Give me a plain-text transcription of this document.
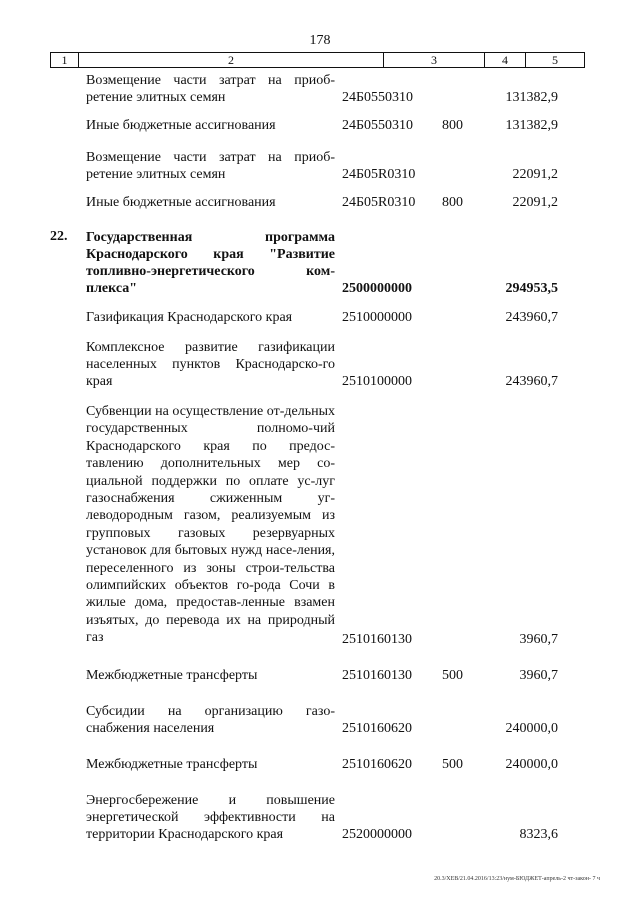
178
1	2	3	4	5
Возмещение части затрат на приоб-ретение элитных семян	24Б0550310	131382,9
Иные бюджетные ассигнования	24Б0550310 800	131382,9
Возмещение части затрат на приоб-ретение элитных семян	24Б05R0310	22091,2
Иные бюджетные ассигнования	24Б05R0310 800	22091,2
22.	Государственная программа Краснодарского края "Развитие топливно-энергетического ком-плекса"	2500000000	294953,5
Газификация Краснодарского края	2510000000	243960,7
Комплексное развитие газификации населенных пунктов Краснодарско-го края	2510100000	243960,7
Субвенции на осуществление от-дельных государственных полномо-чий Краснодарского края по предос-тавлению дополнительных мер со-циальной поддержки по оплате ус-луг газоснабжения сжиженным уг-леводородным газом, реализуемым из групповых газовых резервуарных установок для бытовых нужд насе-ления, переселенного из зоны строи-тельства олимпийских объектов го-рода Сочи в жилые дома, предостав-ленные взамен изъятых, до перевода их на природный газ	2510160130	3960,7
Межбюджетные трансферты	2510160130 500	3960,7
Субсидии на организацию газо-снабжения населения	2510160620	240000,0
Межбюджетные трансферты	2510160620 500	240000,0
Энергосбережение и повышение энергетической эффективности на территории Краснодарского края	2520000000	8323,6
20.3/ХЕВ/21.04.2016/13:23/нум-БЮДЖЕТ-апрель-2 чт-закон- 7 ч
